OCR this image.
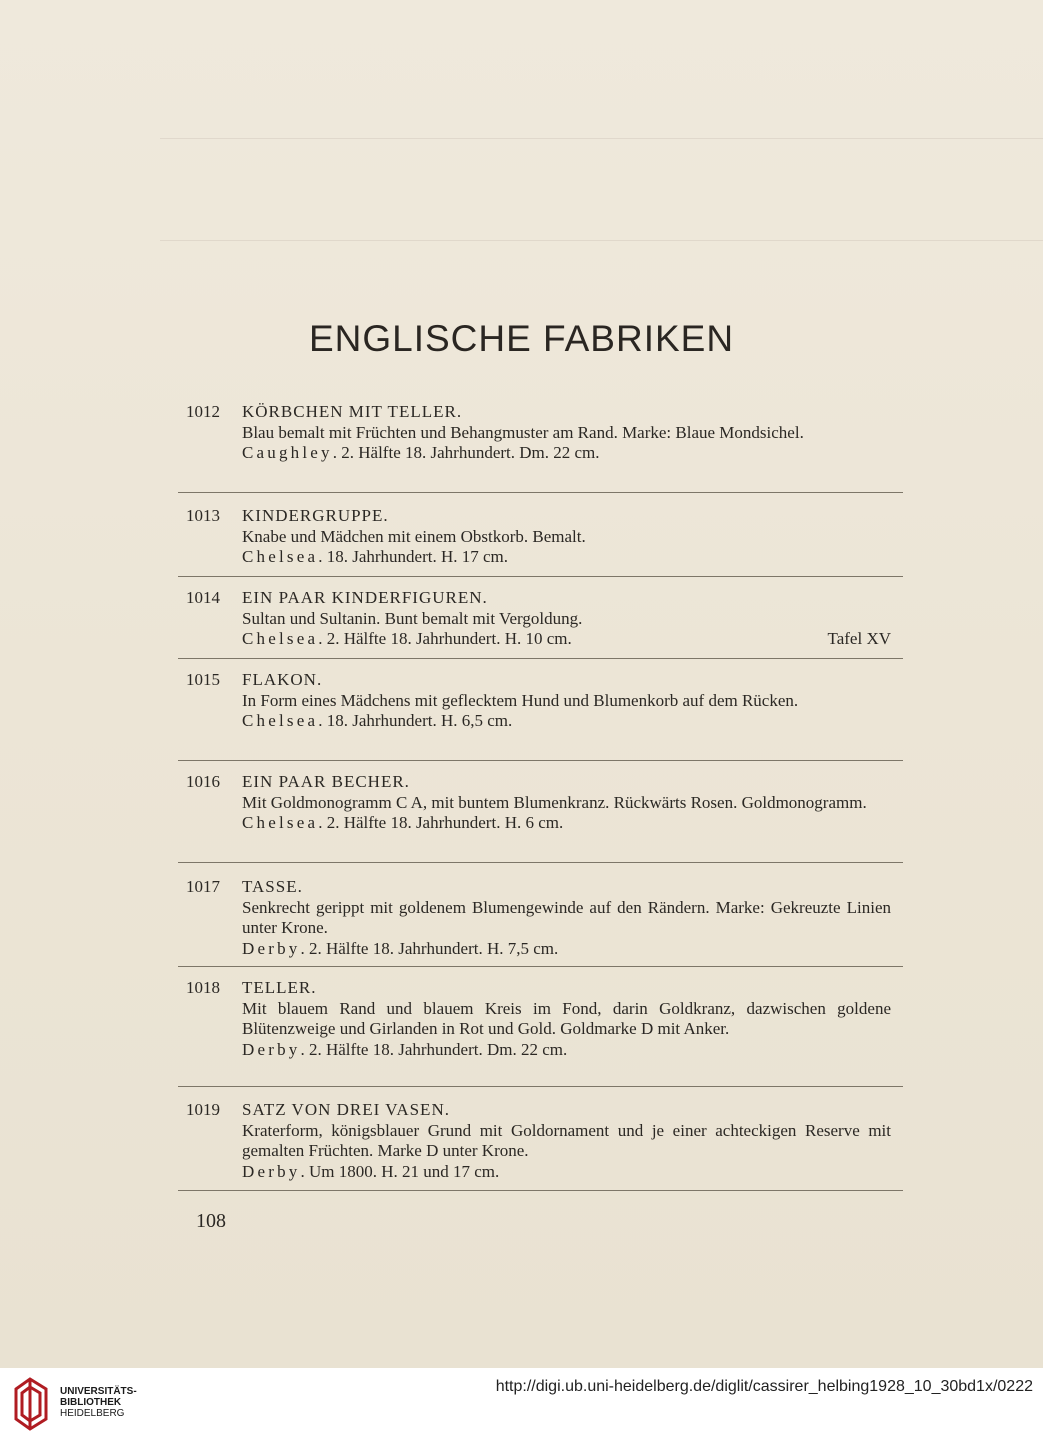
ENGLISCHE FABRIKEN
1012	KÖRBCHEN MIT TELLER.
Blau bemalt mit Früchten und Behangmuster am Rand. Marke: Blaue Mondsichel.
Caughley. 2. Hälfte 18. Jahrhundert. Dm. 22 cm.
1013	KINDERGRUPPE.
Knabe und Mädchen mit einem Obstkorb. Bemalt.
Chelsea. 18. Jahrhundert. H. 17 cm.
1014	EIN PAAR KINDERFIGUREN.
Sultan und Sultanin. Bunt bemalt mit Vergoldung.
Chelsea. 2. Hälfte 18. Jahrhundert. H. 10 cm.	Tafel XV
1015	FLAKON.
In Form eines Mädchens mit geflecktem Hund und Blumenkorb auf dem Rücken.
Chelsea. 18. Jahrhundert. H. 6,5 cm.
1016	EIN PAAR BECHER.
Mit Goldmonogramm C A, mit buntem Blumenkranz. Rückwärts Rosen. Goldmonogramm.
Chelsea. 2. Hälfte 18. Jahrhundert. H. 6 cm.
1017	TASSE.
Senkrecht gerippt mit goldenem Blumengewinde auf den Rändern. Marke: Gekreuzte Linien unter Krone.
Derby. 2. Hälfte 18. Jahrhundert. H. 7,5 cm.
1018	TELLER.
Mit blauem Rand und blauem Kreis im Fond, darin Goldkranz, dazwischen goldene Blütenzweige und Girlanden in Rot und Gold. Goldmarke D mit Anker.
Derby. 2. Hälfte 18. Jahrhundert. Dm. 22 cm.
1019	SATZ VON DREI VASEN.
Kraterform, königsblauer Grund mit Goldornament und je einer achteckigen Reserve mit gemalten Früchten. Marke D unter Krone.
Derby. Um 1800. H. 21 und 17 cm.
108
UNIVERSITÄTS-
BIBLIOTHEK
HEIDELBERG
http://digi.ub.uni-heidelberg.de/diglit/cassirer_helbing1928_10_30bd1x/0222
